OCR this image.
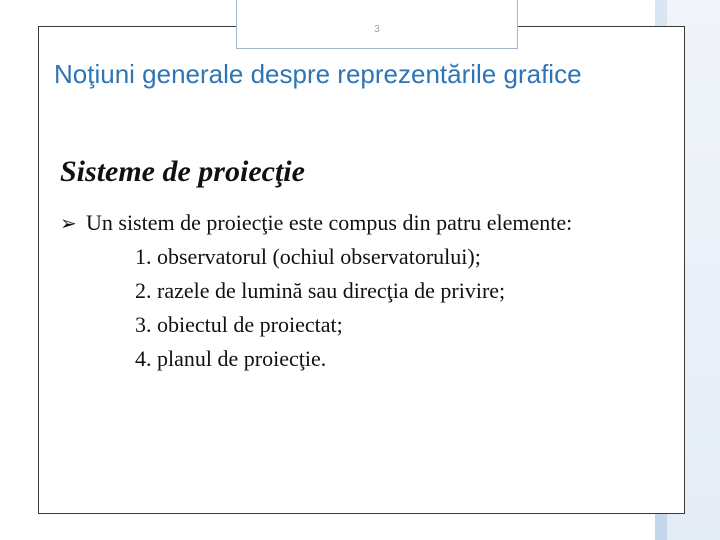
3
Noţiuni generale despre reprezentările grafice
Sisteme de proiecţie
➢ Un sistem de proiecţie este compus din patru elemente:
1. observatorul (ochiul observatorului);
2. razele de lumină sau direcţia de privire;
3. obiectul de proiectat;
4. planul de proiecţie.
